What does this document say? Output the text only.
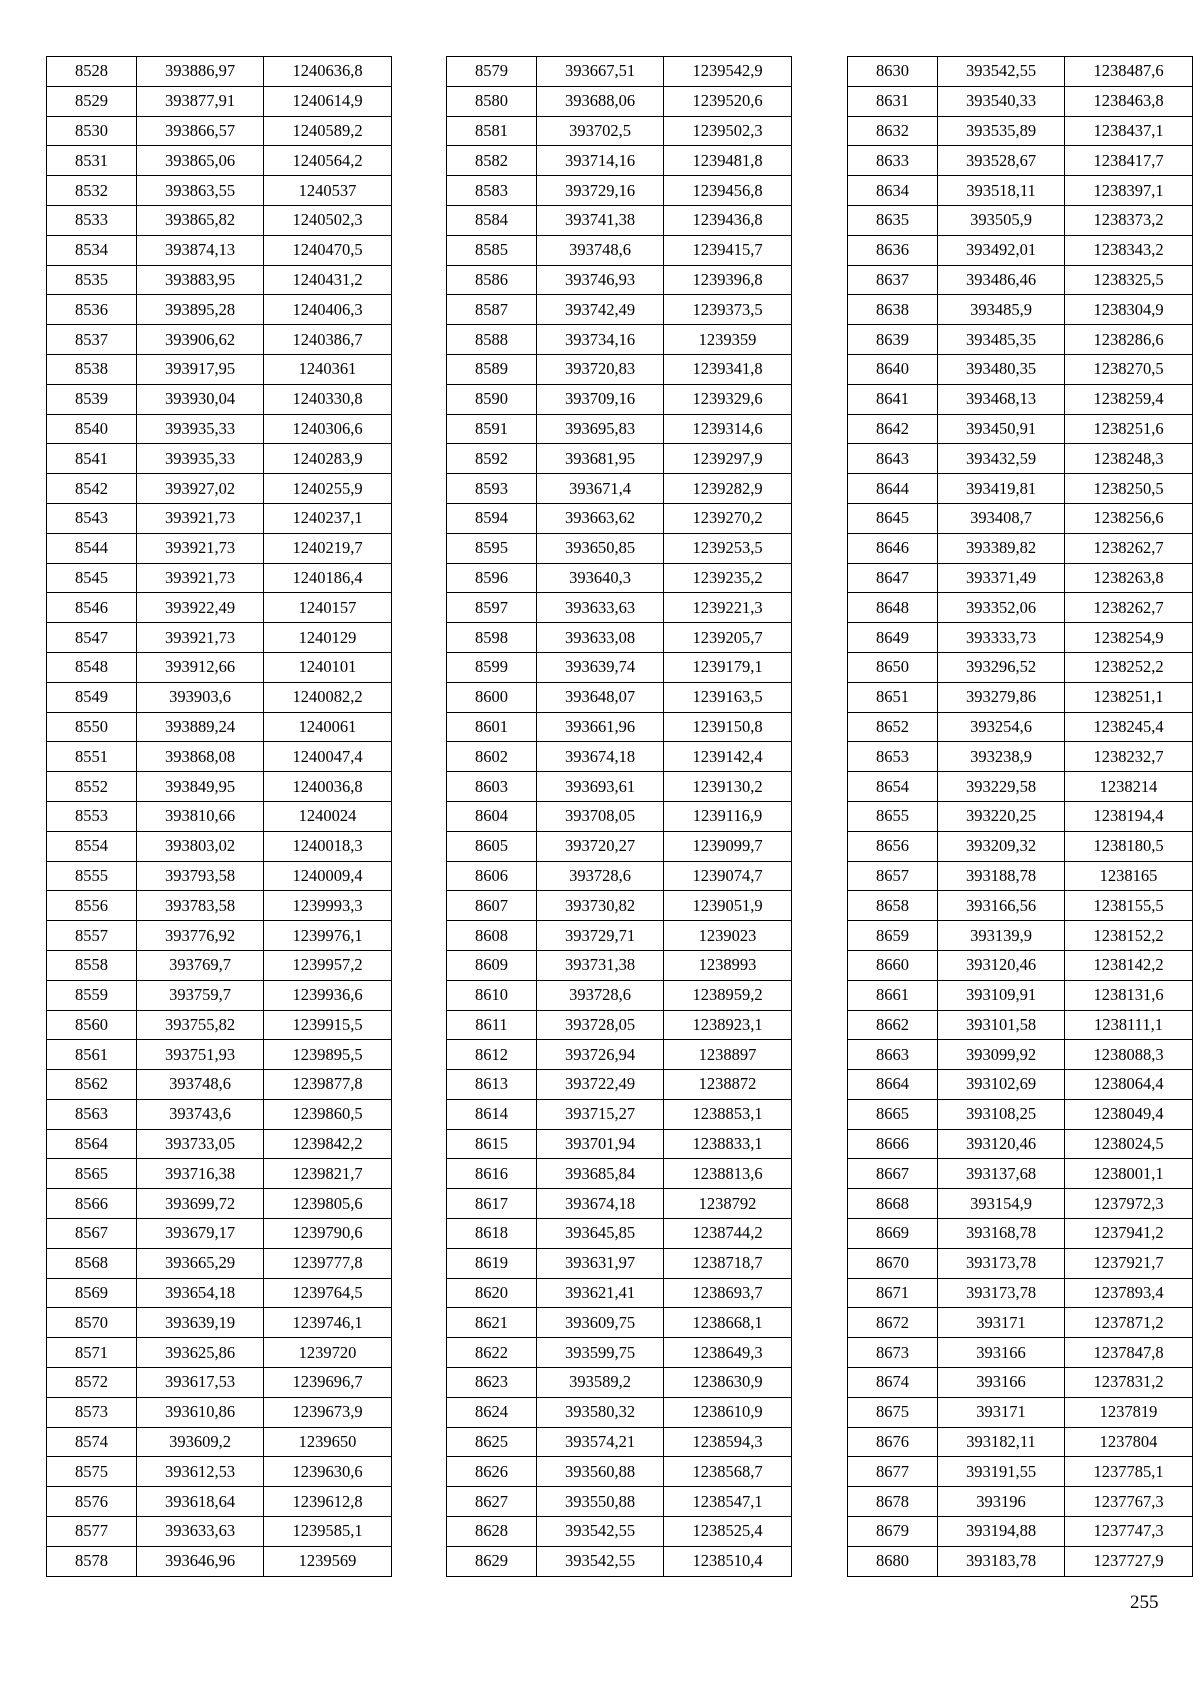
8528	393886,97	1240636,8
8529	393877,91	1240614,9
8530	393866,57	1240589,2
8531	393865,06	1240564,2
8532	393863,55	1240537
8533	393865,82	1240502,3
8534	393874,13	1240470,5
8535	393883,95	1240431,2
8536	393895,28	1240406,3
8537	393906,62	1240386,7
8538	393917,95	1240361
8539	393930,04	1240330,8
8540	393935,33	1240306,6
8541	393935,33	1240283,9
8542	393927,02	1240255,9
8543	393921,73	1240237,1
8544	393921,73	1240219,7
8545	393921,73	1240186,4
8546	393922,49	1240157
8547	393921,73	1240129
8548	393912,66	1240101
8549	393903,6	1240082,2
8550	393889,24	1240061
8551	393868,08	1240047,4
8552	393849,95	1240036,8
8553	393810,66	1240024
8554	393803,02	1240018,3
8555	393793,58	1240009,4
8556	393783,58	1239993,3
8557	393776,92	1239976,1
8558	393769,7	1239957,2
8559	393759,7	1239936,6
8560	393755,82	1239915,5
8561	393751,93	1239895,5
8562	393748,6	1239877,8
8563	393743,6	1239860,5
8564	393733,05	1239842,2
8565	393716,38	1239821,7
8566	393699,72	1239805,6
8567	393679,17	1239790,6
8568	393665,29	1239777,8
8569	393654,18	1239764,5
8570	393639,19	1239746,1
8571	393625,86	1239720
8572	393617,53	1239696,7
8573	393610,86	1239673,9
8574	393609,2	1239650
8575	393612,53	1239630,6
8576	393618,64	1239612,8
8577	393633,63	1239585,1
8578	393646,96	1239569
8579	393667,51	1239542,9
8580	393688,06	1239520,6
8581	393702,5	1239502,3
8582	393714,16	1239481,8
8583	393729,16	1239456,8
8584	393741,38	1239436,8
8585	393748,6	1239415,7
8586	393746,93	1239396,8
8587	393742,49	1239373,5
8588	393734,16	1239359
8589	393720,83	1239341,8
8590	393709,16	1239329,6
8591	393695,83	1239314,6
8592	393681,95	1239297,9
8593	393671,4	1239282,9
8594	393663,62	1239270,2
8595	393650,85	1239253,5
8596	393640,3	1239235,2
8597	393633,63	1239221,3
8598	393633,08	1239205,7
8599	393639,74	1239179,1
8600	393648,07	1239163,5
8601	393661,96	1239150,8
8602	393674,18	1239142,4
8603	393693,61	1239130,2
8604	393708,05	1239116,9
8605	393720,27	1239099,7
8606	393728,6	1239074,7
8607	393730,82	1239051,9
8608	393729,71	1239023
8609	393731,38	1238993
8610	393728,6	1238959,2
8611	393728,05	1238923,1
8612	393726,94	1238897
8613	393722,49	1238872
8614	393715,27	1238853,1
8615	393701,94	1238833,1
8616	393685,84	1238813,6
8617	393674,18	1238792
8618	393645,85	1238744,2
8619	393631,97	1238718,7
8620	393621,41	1238693,7
8621	393609,75	1238668,1
8622	393599,75	1238649,3
8623	393589,2	1238630,9
8624	393580,32	1238610,9
8625	393574,21	1238594,3
8626	393560,88	1238568,7
8627	393550,88	1238547,1
8628	393542,55	1238525,4
8629	393542,55	1238510,4
8630	393542,55	1238487,6
8631	393540,33	1238463,8
8632	393535,89	1238437,1
8633	393528,67	1238417,7
8634	393518,11	1238397,1
8635	393505,9	1238373,2
8636	393492,01	1238343,2
8637	393486,46	1238325,5
8638	393485,9	1238304,9
8639	393485,35	1238286,6
8640	393480,35	1238270,5
8641	393468,13	1238259,4
8642	393450,91	1238251,6
8643	393432,59	1238248,3
8644	393419,81	1238250,5
8645	393408,7	1238256,6
8646	393389,82	1238262,7
8647	393371,49	1238263,8
8648	393352,06	1238262,7
8649	393333,73	1238254,9
8650	393296,52	1238252,2
8651	393279,86	1238251,1
8652	393254,6	1238245,4
8653	393238,9	1238232,7
8654	393229,58	1238214
8655	393220,25	1238194,4
8656	393209,32	1238180,5
8657	393188,78	1238165
8658	393166,56	1238155,5
8659	393139,9	1238152,2
8660	393120,46	1238142,2
8661	393109,91	1238131,6
8662	393101,58	1238111,1
8663	393099,92	1238088,3
8664	393102,69	1238064,4
8665	393108,25	1238049,4
8666	393120,46	1238024,5
8667	393137,68	1238001,1
8668	393154,9	1237972,3
8669	393168,78	1237941,2
8670	393173,78	1237921,7
8671	393173,78	1237893,4
8672	393171	1237871,2
8673	393166	1237847,8
8674	393166	1237831,2
8675	393171	1237819
8676	393182,11	1237804
8677	393191,55	1237785,1
8678	393196	1237767,3
8679	393194,88	1237747,3
8680	393183,78	1237727,9
255
